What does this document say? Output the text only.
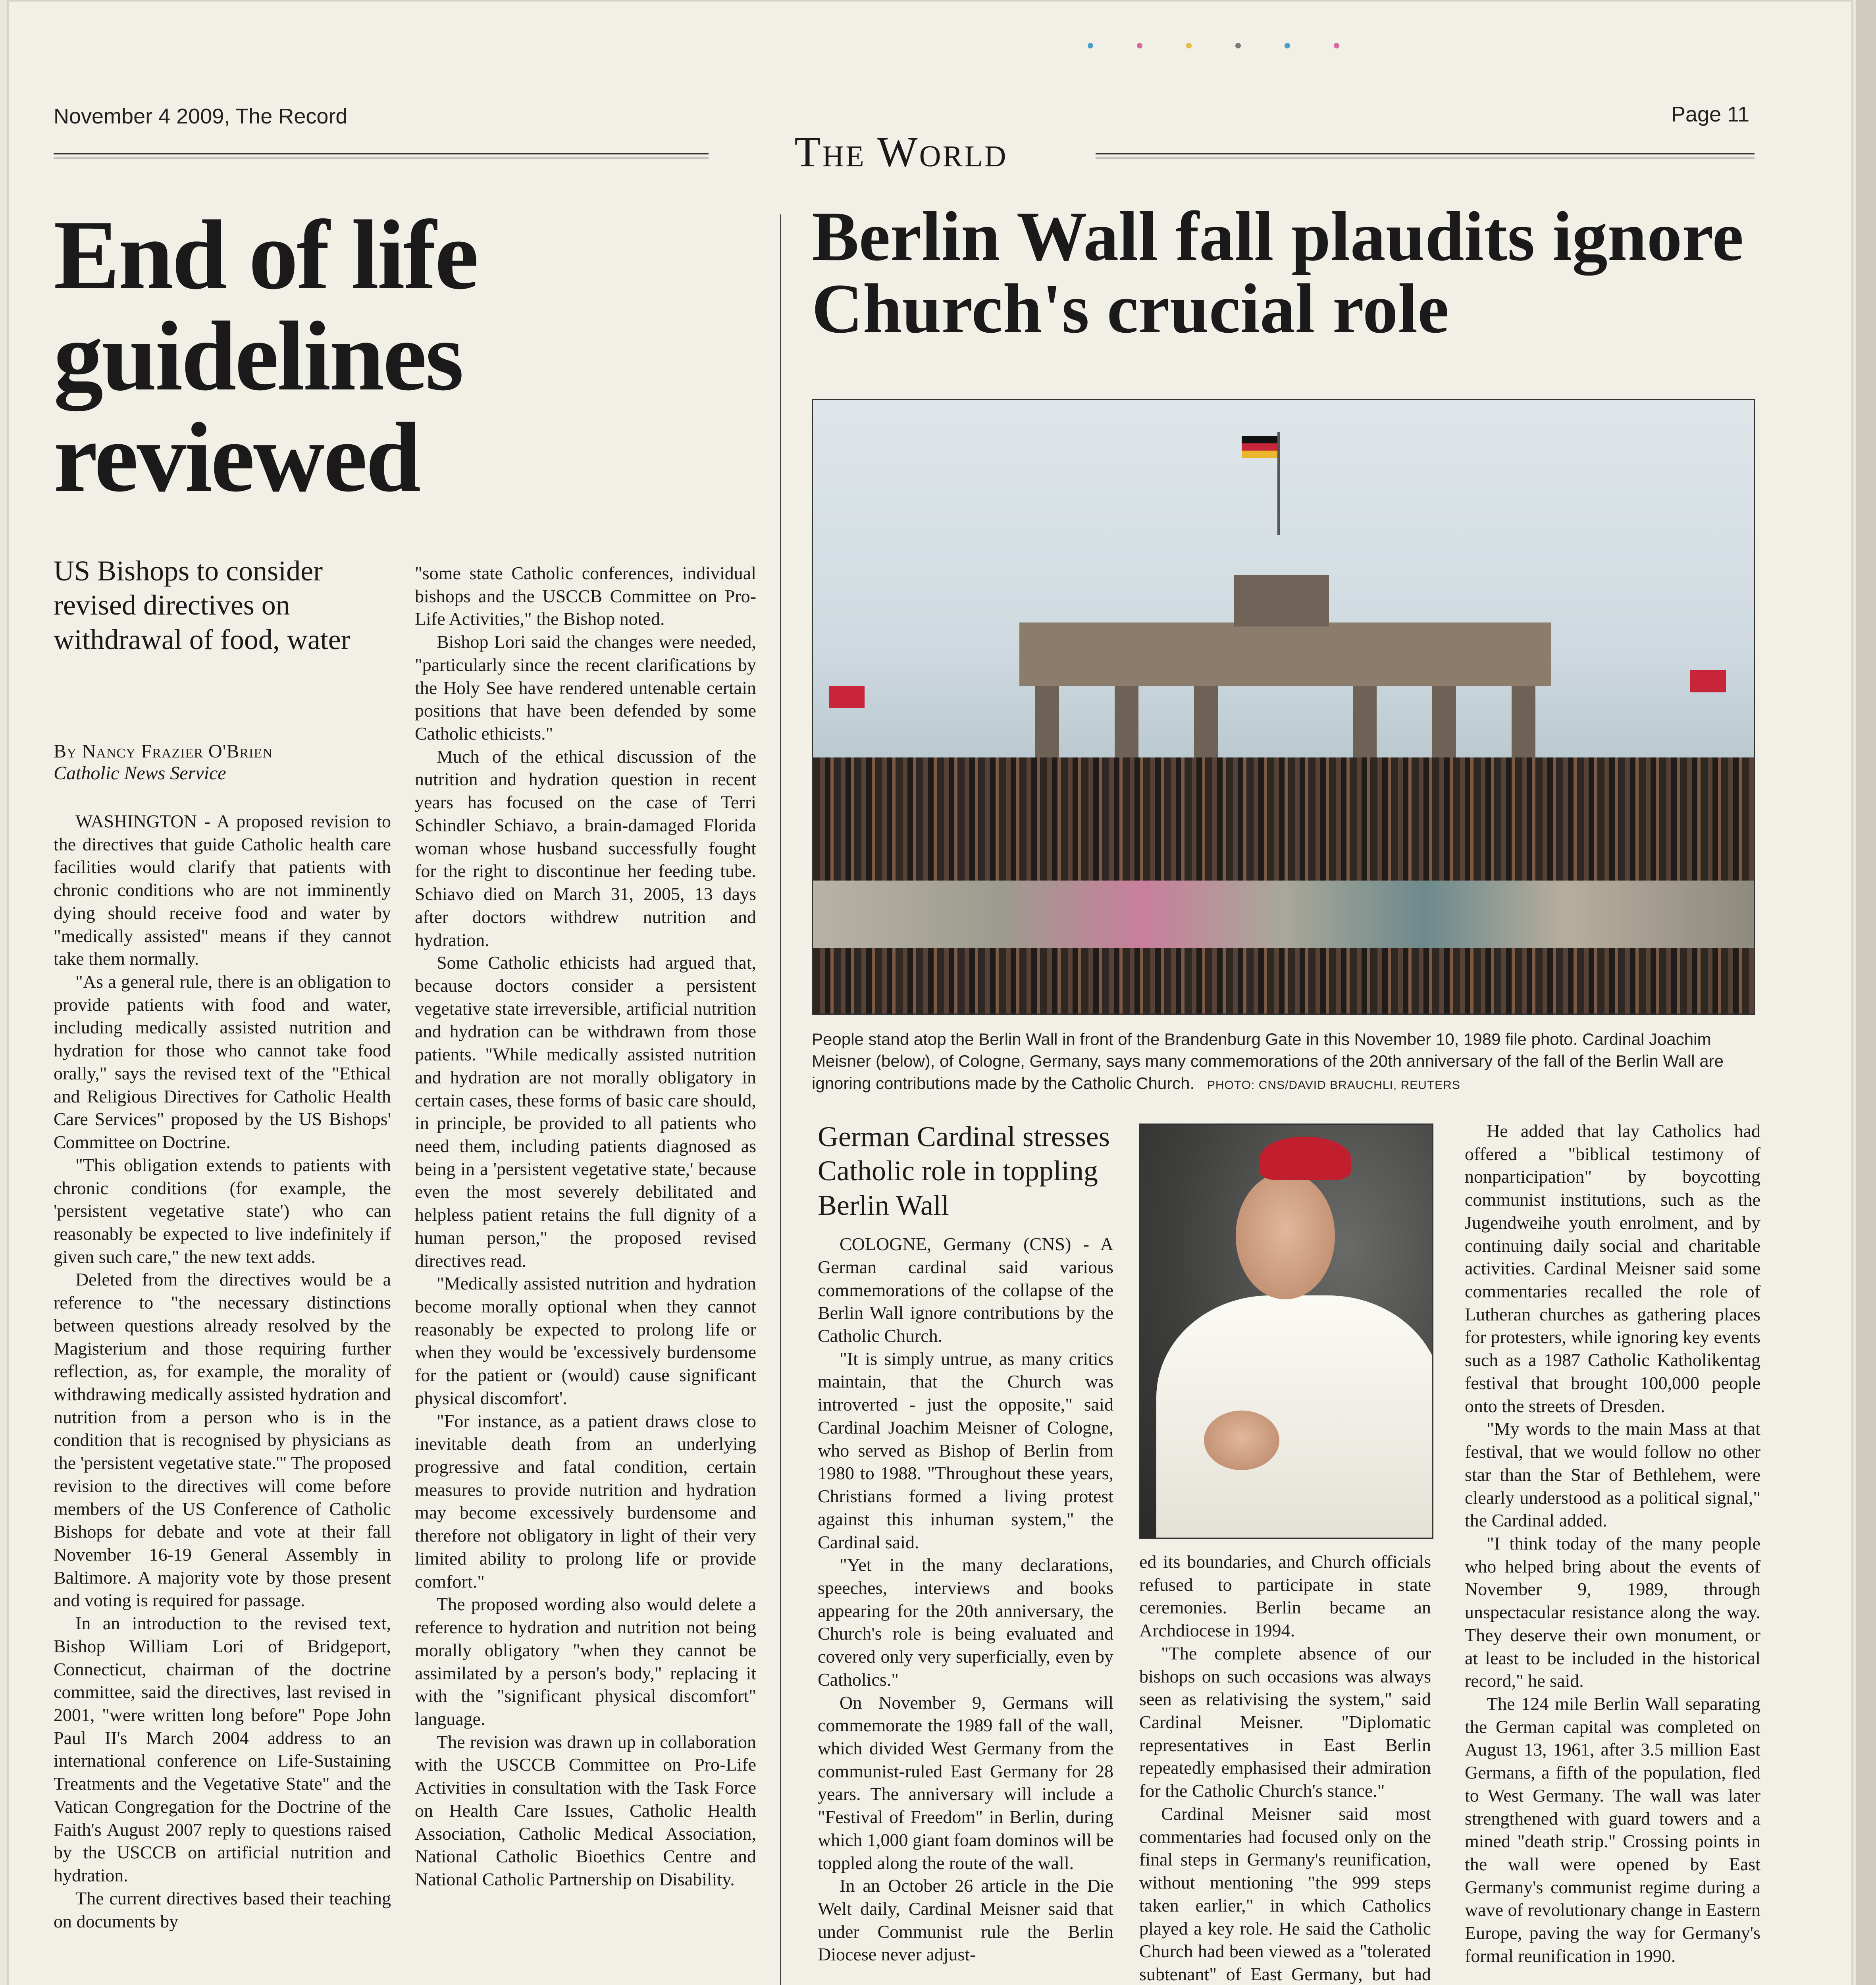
November 4 2009, The Record	Page 11
The World
End of life guidelines reviewed
US Bishops to consider revised directives on withdrawal of food, water
By Nancy Frazier O'Brien
Catholic News Service

WASHINGTON - A proposed revision to the directives that guide Catholic health care facilities would clarify that patients with chronic conditions who are not imminently dying should receive food and water by "medically assisted" means if they cannot take them normally.

"As a general rule, there is an obligation to provide patients with food and water, including medically assisted nutrition and hydration for those who cannot take food orally," says the revised text of the "Ethical and Religious Directives for Catholic Health Care Services" proposed by the US Bishops' Committee on Doctrine.

"This obligation extends to patients with chronic conditions (for example, the 'persistent vegetative state') who can reasonably be expected to live indefinitely if given such care," the new text adds.

Deleted from the directives would be a reference to "the necessary distinctions between questions already resolved by the Magisterium and those requiring further reflection, as, for example, the morality of withdrawing medically assisted hydration and nutrition from a person who is in the condition that is recognised by physicians as the 'persistent vegetative state.'" The proposed revision to the directives will come before members of the US Conference of Catholic Bishops for debate and vote at their fall November 16-19 General Assembly in Baltimore. A majority vote by those present and voting is required for passage.

In an introduction to the revised text, Bishop William Lori of Bridgeport, Connecticut, chairman of the doctrine committee, said the directives, last revised in 2001, "were written long before" Pope John Paul II's March 2004 address to an international conference on Life-Sustaining Treatments and the Vegetative State" and the Vatican Congregation for the Doctrine of the Faith's August 2007 reply to questions raised by the USCCB on artificial nutrition and hydration.

The current directives based their teaching on documents by

"some state Catholic conferences, individual bishops and the USCCB Committee on Pro-Life Activities," the Bishop noted.

Bishop Lori said the changes were needed, "particularly since the recent clarifications by the Holy See have rendered untenable certain positions that have been defended by some Catholic ethicists."

Much of the ethical discussion of the nutrition and hydration question in recent years has focused on the case of Terri Schindler Schiavo, a brain-damaged Florida woman whose husband successfully fought for the right to discontinue her feeding tube. Schiavo died on March 31, 2005, 13 days after doctors withdrew nutrition and hydration.

Some Catholic ethicists had argued that, because doctors consider a persistent vegetative state irreversible, artificial nutrition and hydration can be withdrawn from those patients. "While medically assisted nutrition and hydration are not morally obligatory in certain cases, these forms of basic care should, in principle, be provided to all patients who need them, including patients diagnosed as being in a 'persistent vegetative state,' because even the most severely debilitated and helpless patient retains the full dignity of a human person," the proposed revised directives read.

"Medically assisted nutrition and hydration become morally optional when they cannot reasonably be expected to prolong life or when they would be 'excessively burdensome for the patient or (would) cause significant physical discomfort'.

"For instance, as a patient draws close to inevitable death from an underlying progressive and fatal condition, certain measures to provide nutrition and hydration may become excessively burdensome and therefore not obligatory in light of their very limited ability to prolong life or provide comfort."

The proposed wording also would delete a reference to hydration and nutrition not being morally obligatory "when they cannot be assimilated by a person's body," replacing it with the "significant physical discomfort" language.

The revision was drawn up in collaboration with the USCCB Committee on Pro-Life Activities in consultation with the Task Force on Health Care Issues, Catholic Health Association, Catholic Medical Association, National Catholic Bioethics Centre and National Catholic Partnership on Disability.

Berlin Wall fall plaudits ignore Church's crucial role
People stand atop the Berlin Wall in front of the Brandenburg Gate in this November 10, 1989 file photo. Cardinal Joachim Meisner (below), of Cologne, Germany, says many commemorations of the 20th anniversary of the fall of the Berlin Wall are ignoring contributions made by the Catholic Church. PHOTO: CNS/DAVID BRAUCHLI, REUTERS

German Cardinal stresses Catholic role in toppling Berlin Wall

COLOGNE, Germany (CNS) - A German cardinal said various commemorations of the collapse of the Berlin Wall ignore contributions by the Catholic Church.

"It is simply untrue, as many critics maintain, that the Church was introverted - just the opposite," said Cardinal Joachim Meisner of Cologne, who served as Bishop of Berlin from 1980 to 1988. "Throughout these years, Christians formed a living protest against this inhuman system," the Cardinal said.

"Yet in the many declarations, speeches, interviews and books appearing for the 20th anniversary, the Church's role is being evaluated and covered only very superficially, even by Catholics."

On November 9, Germans will commemorate the 1989 fall of the wall, which divided West Germany from the communist-ruled East Germany for 28 years. The anniversary will include a "Festival of Freedom" in Berlin, during which 1,000 giant foam dominos will be toppled along the route of the wall.

In an October 26 article in the Die Welt daily, Cardinal Meisner said that under Communist rule the Berlin Diocese never adjust-

ed its boundaries, and Church officials refused to participate in state ceremonies. Berlin became an Archdiocese in 1994.

"The complete absence of our bishops on such occasions was always seen as relativising the system," said Cardinal Meisner. "Diplomatic representatives in East Berlin repeatedly emphasised their admiration for the Catholic Church's stance."

Cardinal Meisner said most commentaries had focused only on the final steps in Germany's reunification, without mentioning "the 999 steps taken earlier," in which Catholics played a key role. He said the Catholic Church had been viewed as a "tolerated subtenant" of East Germany, but had

He added that lay Catholics had offered a "biblical testimony of nonparticipation" by boycotting communist institutions, such as the Jugendweihe youth enrolment, and by continuing daily social and charitable activities. Cardinal Meisner said some commentaries recalled the role of Lutheran churches as gathering places for protesters, while ignoring key events such as a 1987 Catholic Katholikentag festival that brought 100,000 people onto the streets of Dresden.

"My words to the main Mass at that festival, that we would follow no other star than the Star of Bethlehem, were clearly understood as a political signal," the Cardinal added.

"I think today of the many people who helped bring about the events of November 9, 1989, through unspectacular resistance along the way. They deserve their own monument, or at least to be included in the historical record," he said.

The 124 mile Berlin Wall separating the German capital was completed on August 13, 1961, after 3.5 million East Germans, a fifth of the population, fled to West Germany. The wall was later strengthened with guard towers and a mined "death strip." Crossing points in the wall were opened by East Germany's communist regime during a wave of revolutionary change in Eastern Europe, paving the way for Germany's formal reunification in 1990.
